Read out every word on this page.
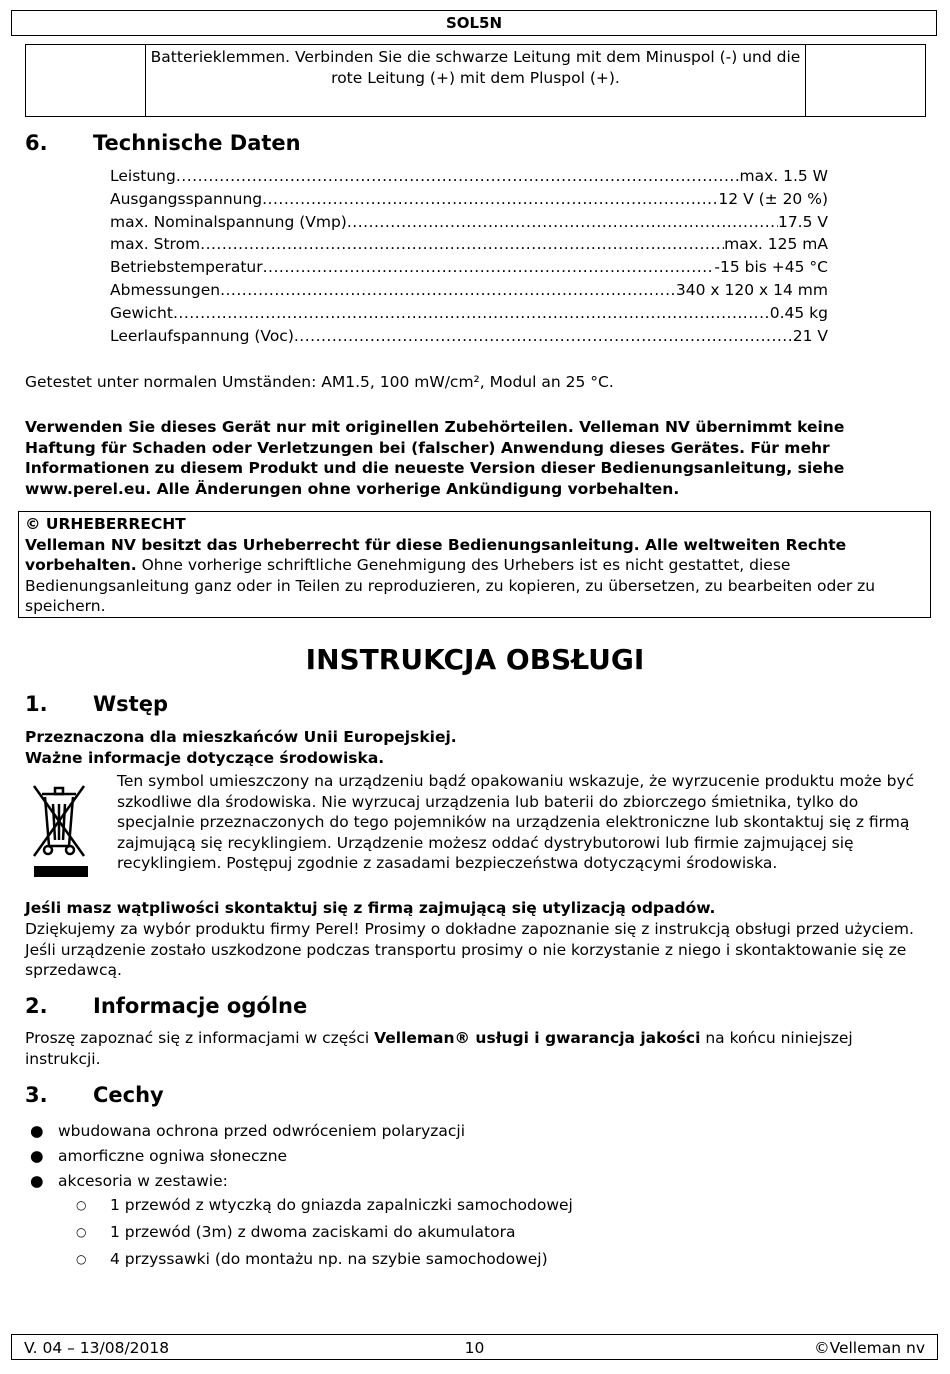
SOL5N
Batterieklemmen. Verbinden Sie die schwarze Leitung mit dem Minuspol (-) und die rote Leitung (+) mit dem Pluspol (+).
6. Technische Daten
Leistung .....	max. 1.5 W
Ausgangsspannung .....	12 V (± 20 %)
max. Nominalspannung (Vmp) .....	17.5 V
max. Strom .....	max. 125 mA
Betriebstemperatur .....	-15 bis +45 °C
Abmessungen .....	340 x 120 x 14 mm
Gewicht .....	0.45 kg
Leerlaufspannung (Voc) .....	21 V
Getestet unter normalen Umständen: AM1.5, 100 mW/cm², Modul an 25 °C.
Verwenden Sie dieses Gerät nur mit originellen Zubehörteilen. Velleman NV übernimmt keine Haftung für Schaden oder Verletzungen bei (falscher) Anwendung dieses Gerätes. Für mehr Informationen zu diesem Produkt und die neueste Version dieser Bedienungsanleitung, siehe www.perel.eu. Alle Änderungen ohne vorherige Ankündigung vorbehalten.
© URHEBERRECHT
Velleman NV besitzt das Urheberrecht für diese Bedienungsanleitung. Alle weltweiten Rechte vorbehalten. Ohne vorherige schriftliche Genehmigung des Urhebers ist es nicht gestattet, diese Bedienungsanleitung ganz oder in Teilen zu reproduzieren, zu kopieren, zu übersetzen, zu bearbeiten oder zu speichern.
INSTRUKCJA OBSŁUGI
1. Wstęp
Przeznaczona dla mieszkańców Unii Europejskiej.
Ważne informacje dotyczące środowiska.
Ten symbol umieszczony na urządzeniu bądź opakowaniu wskazuje, że wyrzucenie produktu może być szkodliwe dla środowiska. Nie wyrzucaj urządzenia lub baterii do zbiorczego śmietnika, tylko do specjalnie przeznaczonych do tego pojemników na urządzenia elektroniczne lub skontaktuj się z firmą zajmującą się recyklingiem. Urządzenie możesz oddać dystrybutorowi lub firmie zajmującej się recyklingiem. Postępuj zgodnie z zasadami bezpieczeństwa dotyczącymi środowiska.
Jeśli masz wątpliwości skontaktuj się z firmą zajmującą się utylizacją odpadów.
Dziękujemy za wybór produktu firmy Perel! Prosimy o dokładne zapoznanie się z instrukcją obsługi przed użyciem. Jeśli urządzenie zostało uszkodzone podczas transportu prosimy o nie korzystanie z niego i skontaktowanie się ze sprzedawcą.
2. Informacje ogólne
Proszę zapoznać się z informacjami w części Velleman® usługi i gwarancja jakości na końcu niniejszej instrukcji.
3. Cechy
● wbudowana ochrona przed odwróceniem polaryzacji
● amorficzne ogniwa słoneczne
● akcesoria w zestawie:
○ 1 przewód z wtyczką do gniazda zapalniczki samochodowej
○ 1 przewód (3m) z dwoma zaciskami do akumulatora
○ 4 przyssawki (do montażu np. na szybie samochodowej)
V. 04 – 13/08/2018	10	©Velleman nv
